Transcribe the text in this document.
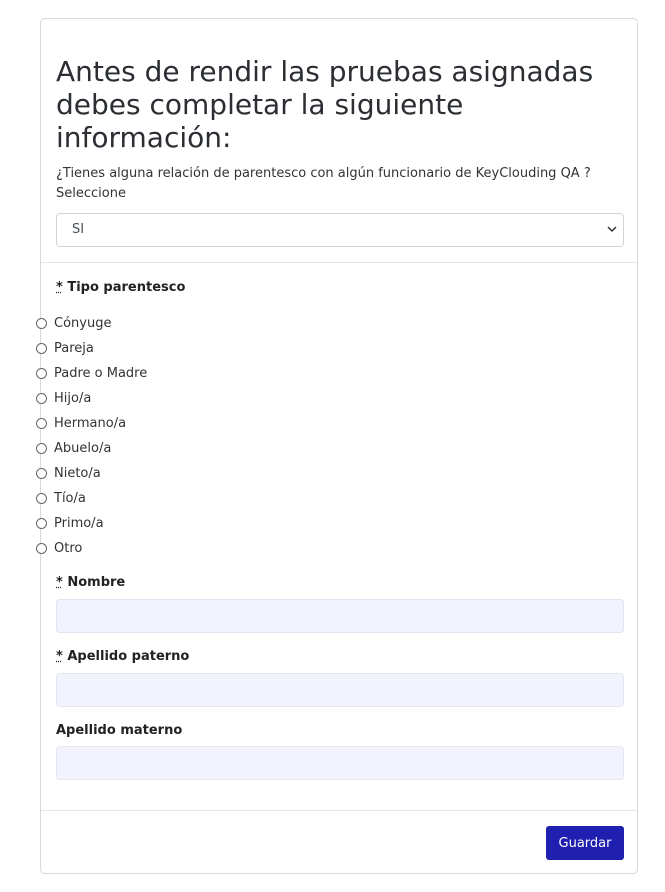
Antes de rendir las pruebas asignadas debes completar la siguiente información:
¿Tienes alguna relación de parentesco con algún funcionario de KeyClouding QA ? Seleccione
SI
* Tipo parentesco
Cónyuge
Pareja
Padre o Madre
Hijo/a
Hermano/a
Abuelo/a
Nieto/a
Tío/a
Primo/a
Otro
* Nombre
* Apellido paterno
Apellido materno
Guardar
